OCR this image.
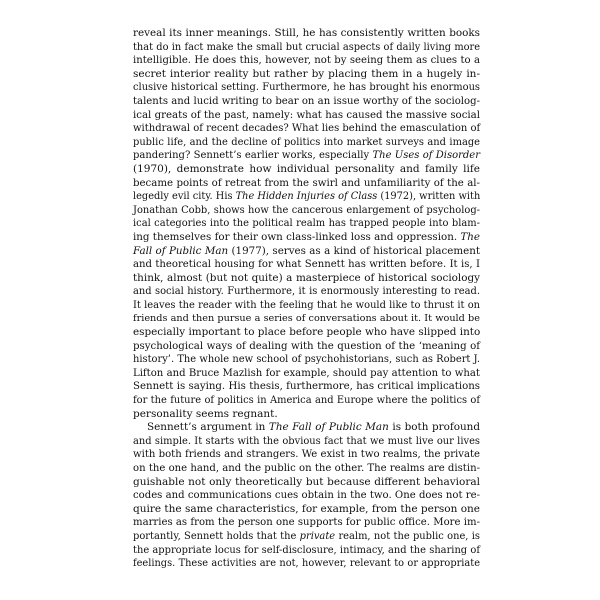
reveal its inner meanings. Still, he has consistently written books
that do in fact make the small but crucial aspects of daily living more
intelligible. He does this, however, not by seeing them as clues to a
secret interior reality but rather by placing them in a hugely in-
clusive historical setting. Furthermore, he has brought his enormous
talents and lucid writing to bear on an issue worthy of the sociolog-
ical greats of the past, namely: what has caused the massive social
withdrawal of recent decades? What lies behind the emasculation of
public life, and the decline of politics into market surveys and image
pandering? Sennett’s earlier works, especially The Uses of Disorder
(1970), demonstrate how individual personality and family life
became points of retreat from the swirl and unfamiliarity of the al-
legedly evil city. His The Hidden Injuries of Class (1972), written with
Jonathan Cobb, shows how the cancerous enlargement of psycholog-
ical categories into the political realm has trapped people into blam-
ing themselves for their own class-linked loss and oppression. The
Fall of Public Man (1977), serves as a kind of historical placement
and theoretical housing for what Sennett has written before. It is, I
think, almost (but not quite) a masterpiece of historical sociology
and social history. Furthermore, it is enormously interesting to read.
It leaves the reader with the feeling that he would like to thrust it on
friends and then pursue a series of conversations about it. It would be
especially important to place before people who have slipped into
psychological ways of dealing with the question of the ‘meaning of
history’. The whole new school of psychohistorians, such as Robert J.
Lifton and Bruce Mazlish for example, should pay attention to what
Sennett is saying. His thesis, furthermore, has critical implications
for the future of politics in America and Europe where the politics of
personality seems regnant.
Sennett’s argument in The Fall of Public Man is both profound
and simple. It starts with the obvious fact that we must live our lives
with both friends and strangers. We exist in two realms, the private
on the one hand, and the public on the other. The realms are distin-
guishable not only theoretically but because different behavioral
codes and communications cues obtain in the two. One does not re-
quire the same characteristics, for example, from the person one
marries as from the person one supports for public office. More im-
portantly, Sennett holds that the private realm, not the public one, is
the appropriate locus for self-disclosure, intimacy, and the sharing of
feelings. These activities are not, however, relevant to or appropriate
